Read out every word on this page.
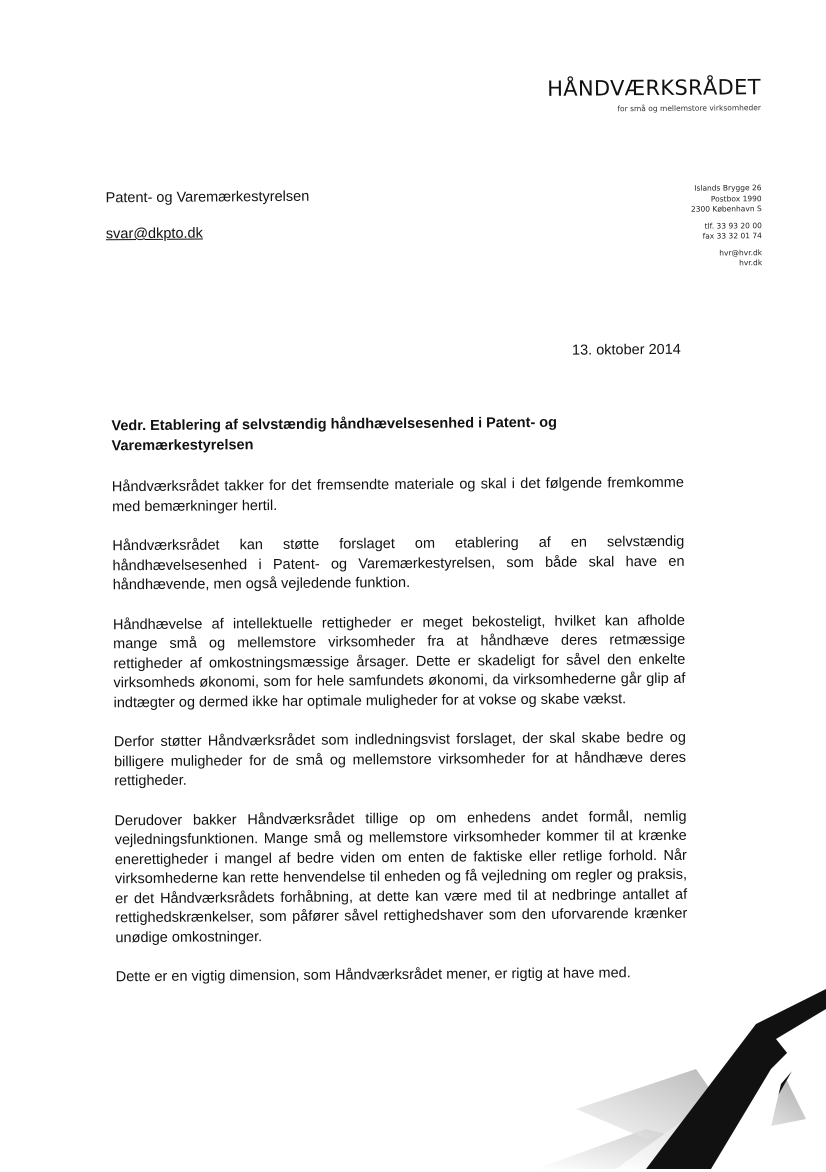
HÅNDVÆRKSRÅDET
for små og mellemstore virksomheder
Patent- og Varemærkestyrelsen
svar@dkpto.dk
Islands Brygge 26
Postbox 1990
2300 København S
tlf. 33 93 20 00
fax 33 32 01 74
hvr@hvr.dk
hvr.dk
13. oktober 2014

Vedr. Etablering af selvstændig håndhævelsesenhed i Patent- og Varemærkestyrelsen

Håndværksrådet takker for det fremsendte materiale og skal i det følgende fremkomme med bemærkninger hertil.

Håndværksrådet kan støtte forslaget om etablering af en selvstændig håndhævelsesenhed i Patent- og Varemærkestyrelsen, som både skal have en håndhævende, men også vejledende funktion.

Håndhævelse af intellektuelle rettigheder er meget bekosteligt, hvilket kan afholde mange små og mellemstore virksomheder fra at håndhæve deres retmæssige rettigheder af omkostningsmæssige årsager. Dette er skadeligt for såvel den enkelte virksomheds økonomi, som for hele samfundets økonomi, da virksomhederne går glip af indtægter og dermed ikke har optimale muligheder for at vokse og skabe vækst.

Derfor støtter Håndværksrådet som indledningsvist forslaget, der skal skabe bedre og billigere muligheder for de små og mellemstore virksomheder for at håndhæve deres rettigheder.

Derudover bakker Håndværksrådet tillige op om enhedens andet formål, nemlig vejledningsfunktionen. Mange små og mellemstore virksomheder kommer til at krænke enerettigheder i mangel af bedre viden om enten de faktiske eller retlige forhold. Når virksomhederne kan rette henvendelse til enheden og få vejledning om regler og praksis, er det Håndværksrådets forhåbning, at dette kan være med til at nedbringe antallet af rettighedskrænkelser, som påfører såvel rettighedshaver som den uforvarende krænker unødige omkostninger.

Dette er en vigtig dimension, som Håndværksrådet mener, er rigtig at have med.
